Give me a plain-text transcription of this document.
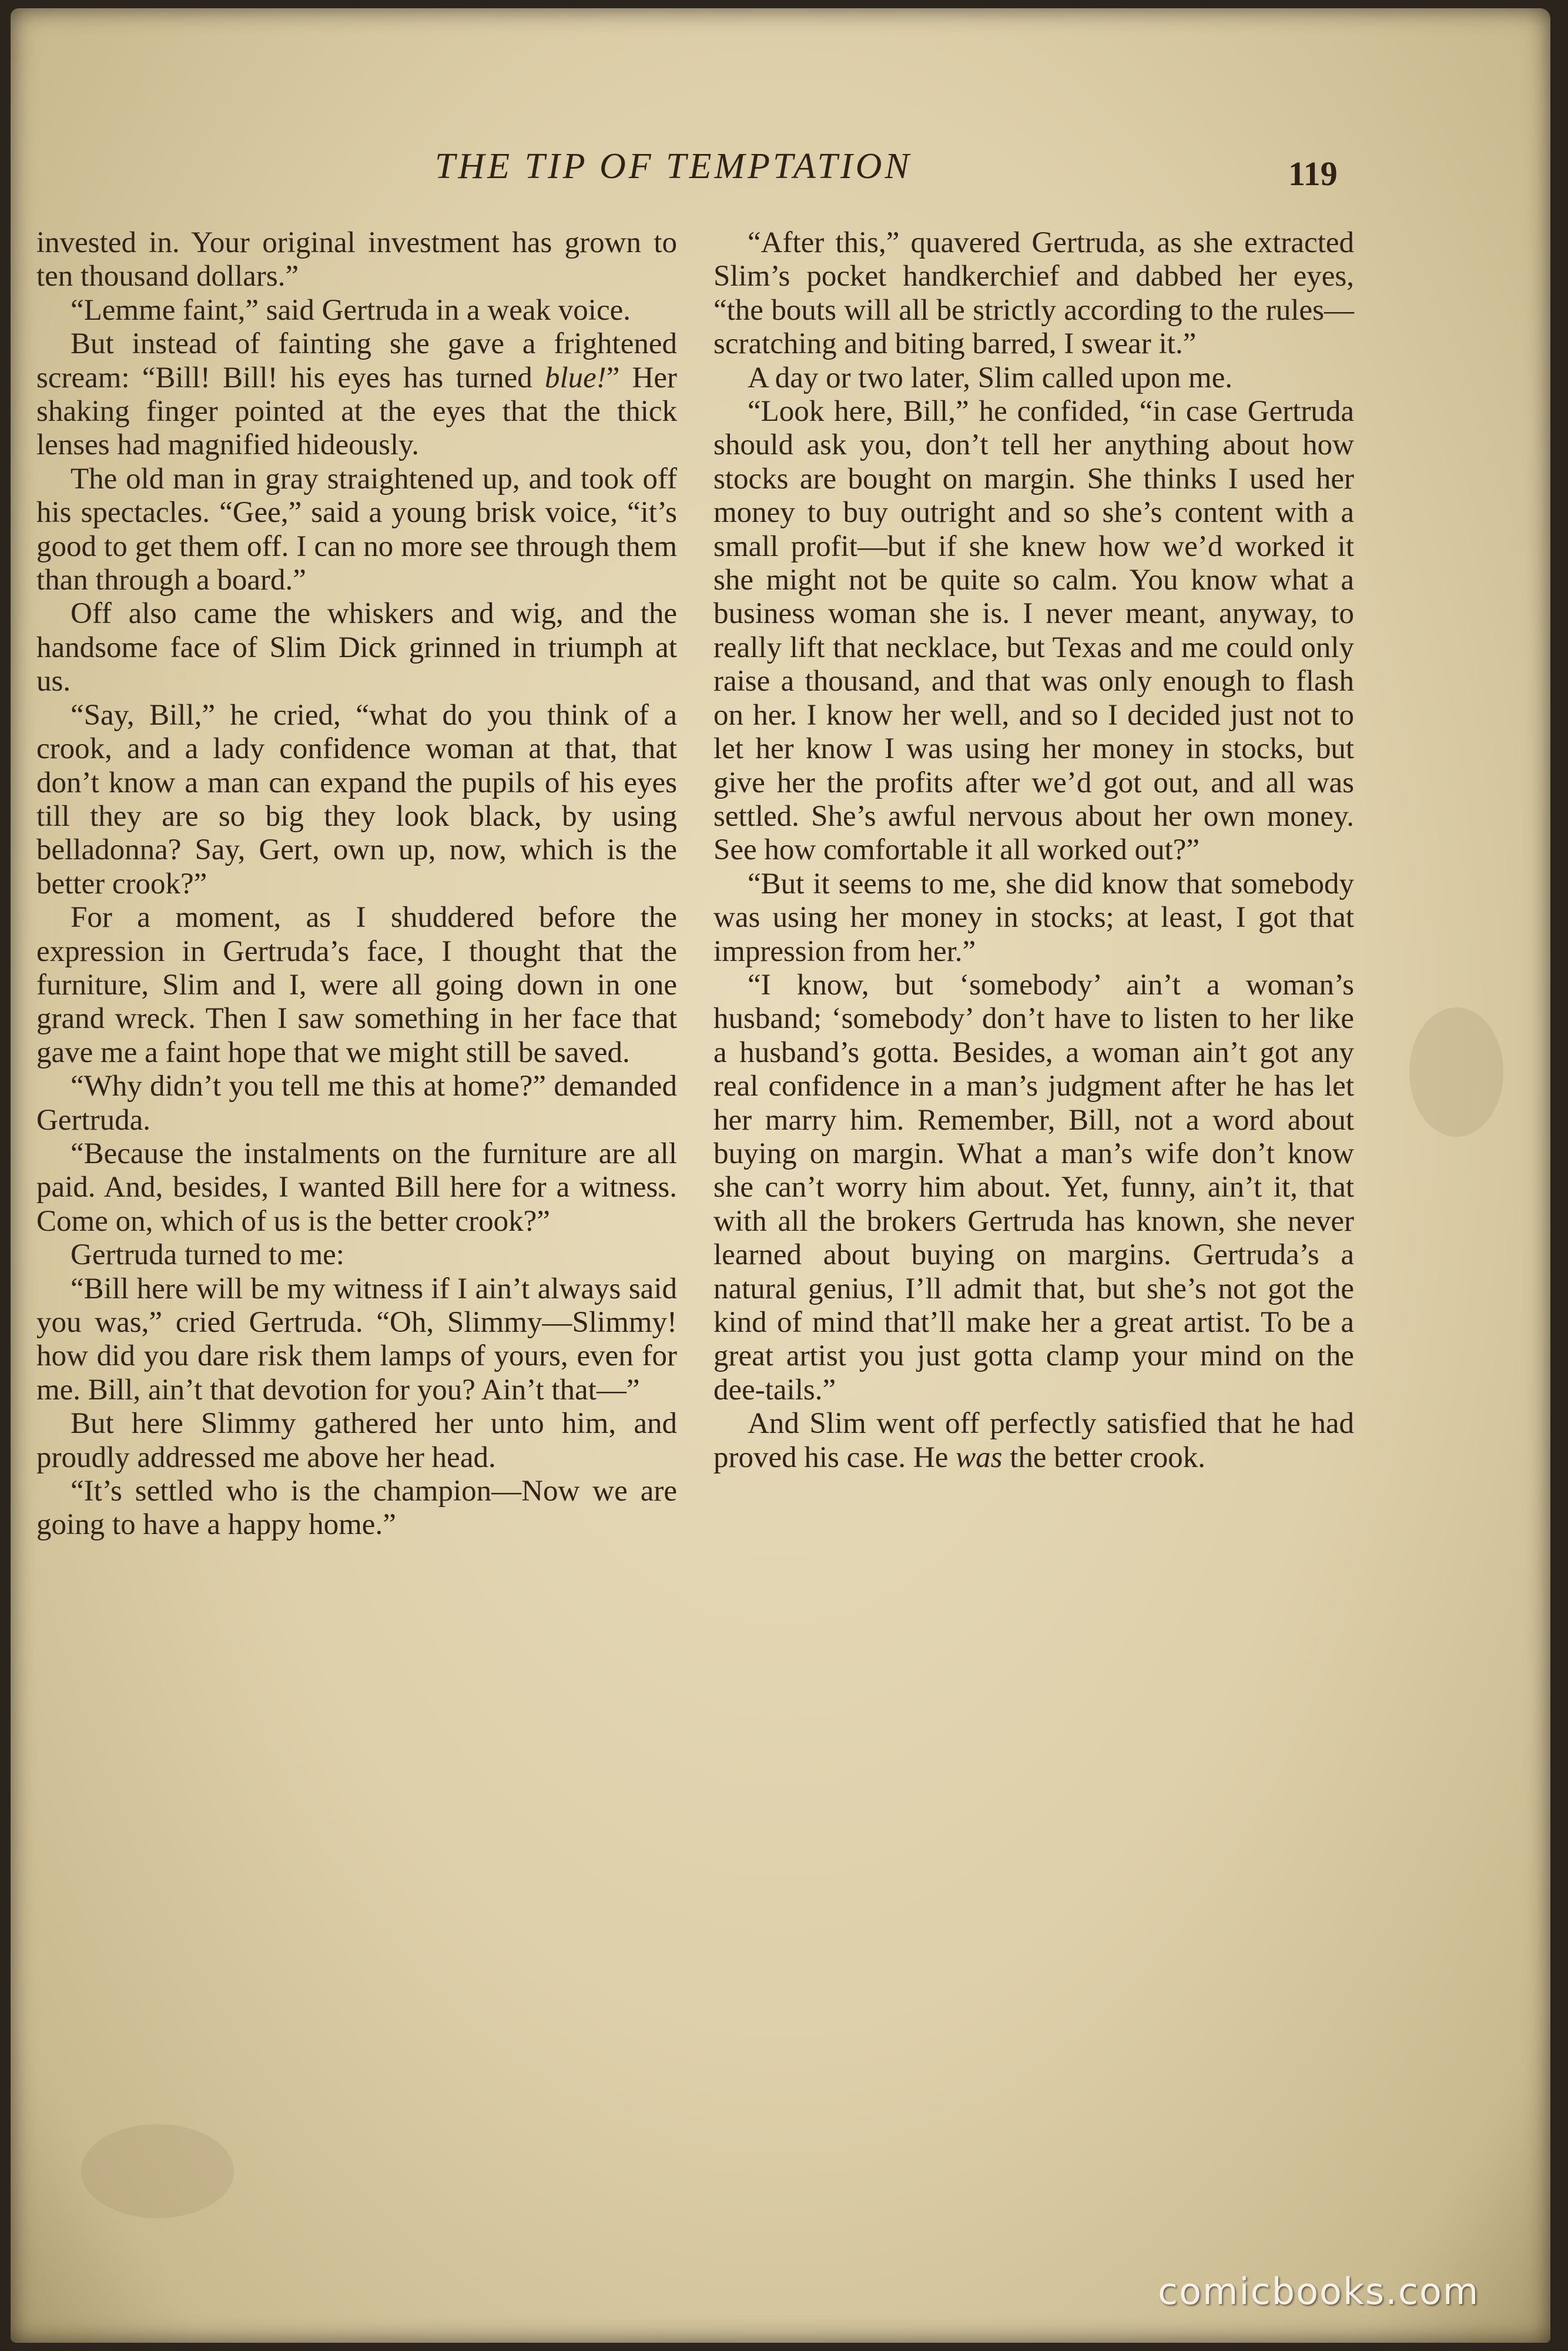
THE TIP OF TEMPTATION	119

invested in. Your original investment has grown to ten thousand dollars.”

“Lemme faint,” said Gertruda in a weak voice.

But instead of fainting she gave a frightened scream: “Bill! Bill! his eyes has turned blue!” Her shaking finger pointed at the eyes that the thick lenses had magnified hideously.

The old man in gray straightened up, and took off his spectacles. “Gee,” said a young brisk voice, “it’s good to get them off. I can no more see through them than through a board.”

Off also came the whiskers and wig, and the handsome face of Slim Dick grinned in triumph at us.

“Say, Bill,” he cried, “what do you think of a crook, and a lady confidence woman at that, that don’t know a man can expand the pupils of his eyes till they are so big they look black, by using belladonna? Say, Gert, own up, now, which is the better crook?”

For a moment, as I shuddered before the expression in Gertruda’s face, I thought that the furniture, Slim and I, were all going down in one grand wreck. Then I saw something in her face that gave me a faint hope that we might still be saved.

“Why didn’t you tell me this at home?” demanded Gertruda.

“Because the instalments on the furniture are all paid. And, besides, I wanted Bill here for a witness. Come on, which of us is the better crook?”

Gertruda turned to me:

“Bill here will be my witness if I ain’t always said you was,” cried Gertruda. “Oh, Slimmy—Slimmy! how did you dare risk them lamps of yours, even for me. Bill, ain’t that devotion for you? Ain’t that—”

But here Slimmy gathered her unto him, and proudly addressed me above her head.

“It’s settled who is the champion—Now we are going to have a happy home.”

“After this,” quavered Gertruda, as she extracted Slim’s pocket handkerchief and dabbed her eyes, “the bouts will all be strictly according to the rules—scratching and biting barred, I swear it.”

A day or two later, Slim called upon me.

“Look here, Bill,” he confided, “in case Gertruda should ask you, don’t tell her anything about how stocks are bought on margin. She thinks I used her money to buy outright and so she’s content with a small profit—but if she knew how we’d worked it she might not be quite so calm. You know what a business woman she is. I never meant, anyway, to really lift that necklace, but Texas and me could only raise a thousand, and that was only enough to flash on her. I know her well, and so I decided just not to let her know I was using her money in stocks, but give her the profits after we’d got out, and all was settled. She’s awful nervous about her own money. See how comfortable it all worked out?”

“But it seems to me, she did know that somebody was using her money in stocks; at least, I got that impression from her.”

“I know, but ‘somebody’ ain’t a woman’s husband; ‘somebody’ don’t have to listen to her like a husband’s gotta. Besides, a woman ain’t got any real confidence in a man’s judgment after he has let her marry him. Remember, Bill, not a word about buying on margin. What a man’s wife don’t know she can’t worry him about. Yet, funny, ain’t it, that with all the brokers Gertruda has known, she never learned about buying on margins. Gertruda’s a natural genius, I’ll admit that, but she’s not got the kind of mind that’ll make her a great artist. To be a great artist you just gotta clamp your mind on the dee-tails.”

And Slim went off perfectly satisfied that he had proved his case. He was the better crook.

comicbooks.com
